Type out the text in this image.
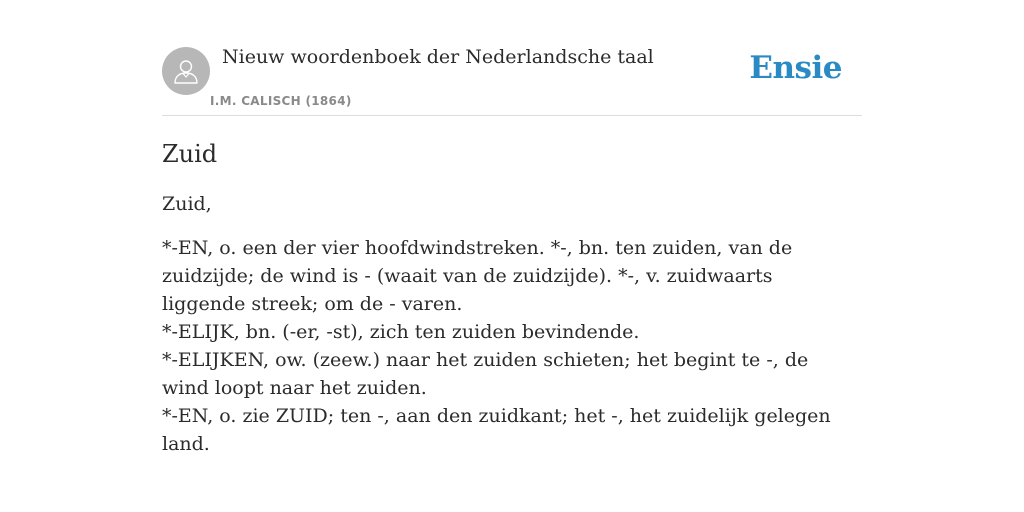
Nieuw woordenboek der Nederlandsche taal
I.M. CALISCH (1864)
Ensie
Zuid

Zuid,

*-EN, o. een der vier hoofdwindstreken. *-, bn. ten zuiden, van de zuidzijde; de wind is - (waait van de zuidzijde). *-, v. zuidwaarts liggende streek; om de - varen.
*-ELIJK, bn. (-er, -st), zich ten zuiden bevindende.
*-ELIJKEN, ow. (zeew.) naar het zuiden schieten; het begint te -, de wind loopt naar het zuiden.
*-EN, o. zie ZUID; ten -, aan den zuidkant; het -, het zuidelijk gelegen land.
